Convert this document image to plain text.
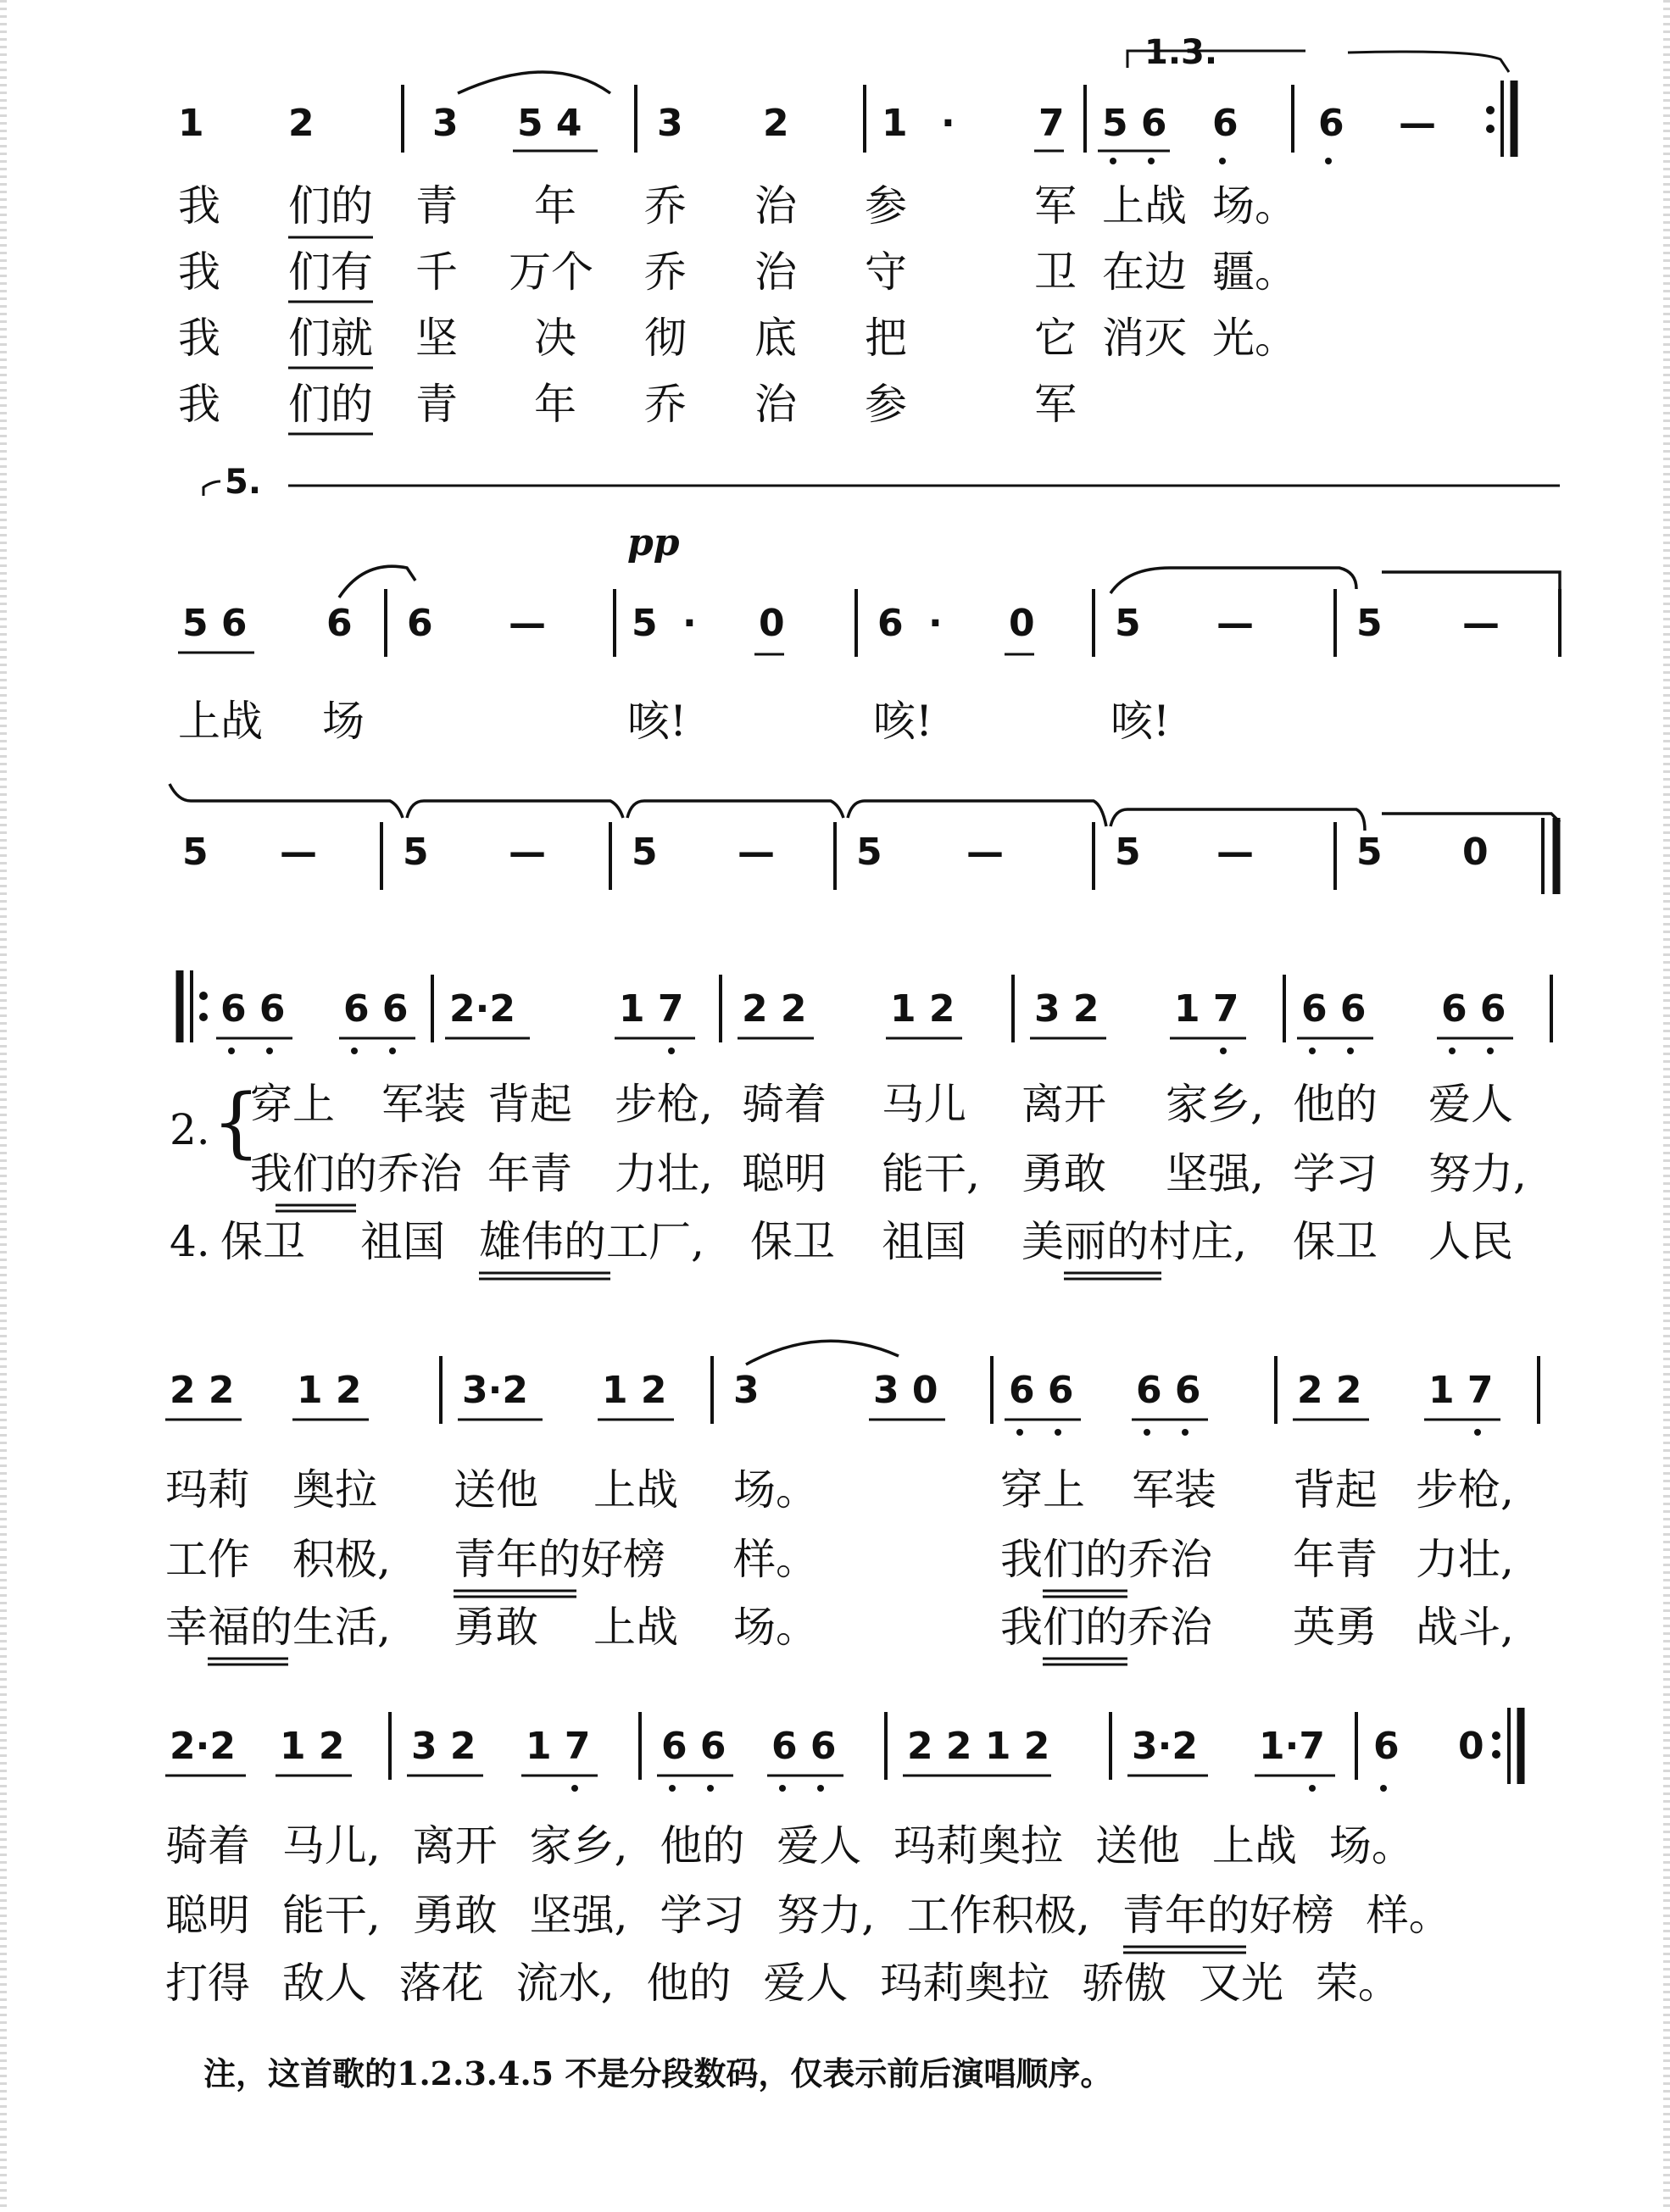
1.3.
1 2	3 5 4 3 2 1 · 7 5 6 6 6 —
我 们的 青 年 乔 治 参	军 上战 场。
我 们有 千 万个 乔 治 守	卫 在边 疆。
我 们就 坚 决 彻 底 把	它 消灭 光。
我 们的 青 年 乔 治 参	军
5.
pp
5 6 6 6 — 5 · 0 6 · 0 5 —	5 —
上战 场	咳!	咳!	咳!
5 — 5 — 5 — 5 —	5 —	5 0
6 6 6 6 2·2	1 7 2 2 1 2 3 2 1 7 6 6 6 6
2. {
穿上 军装 背起 步枪, 骑着 马儿 离开 家乡, 他的 爱人
我们的乔治 年青 力壮, 聪明 能干, 勇敢 坚强, 学习 努力,
4. 保卫 祖国 雄伟的工厂, 保卫 祖国 美丽的村庄, 保卫 人民
2 2 1 2	3·2 1 2 3	3 0 6 6 6 6	2 2 1 7
玛莉 奥拉 送他 上战 场。	穿上 军装 背起 步枪,
工作 积极, 青年的好榜 样。	我们的乔治 年青 力壮,
幸福的生活, 勇敢 上战 场。	我们的乔治 英勇 战斗,
2·2 1 2 3 2 1 7 6 6 6 6 2 2 1 2 3·2 1·7 6 0
骑着 马儿, 离开 家乡, 他的 爱人 玛莉奥拉 送他 上战 场。
聪明 能干, 勇敢 坚强, 学习 努力, 工作积极, 青年的好榜 样。
打得 敌人 落花 流水, 他的 爱人 玛莉奥拉 骄傲 又光 荣。
注，这首歌的1.2.3.4.5 不是分段数码，仅表示前后演唱顺序。
